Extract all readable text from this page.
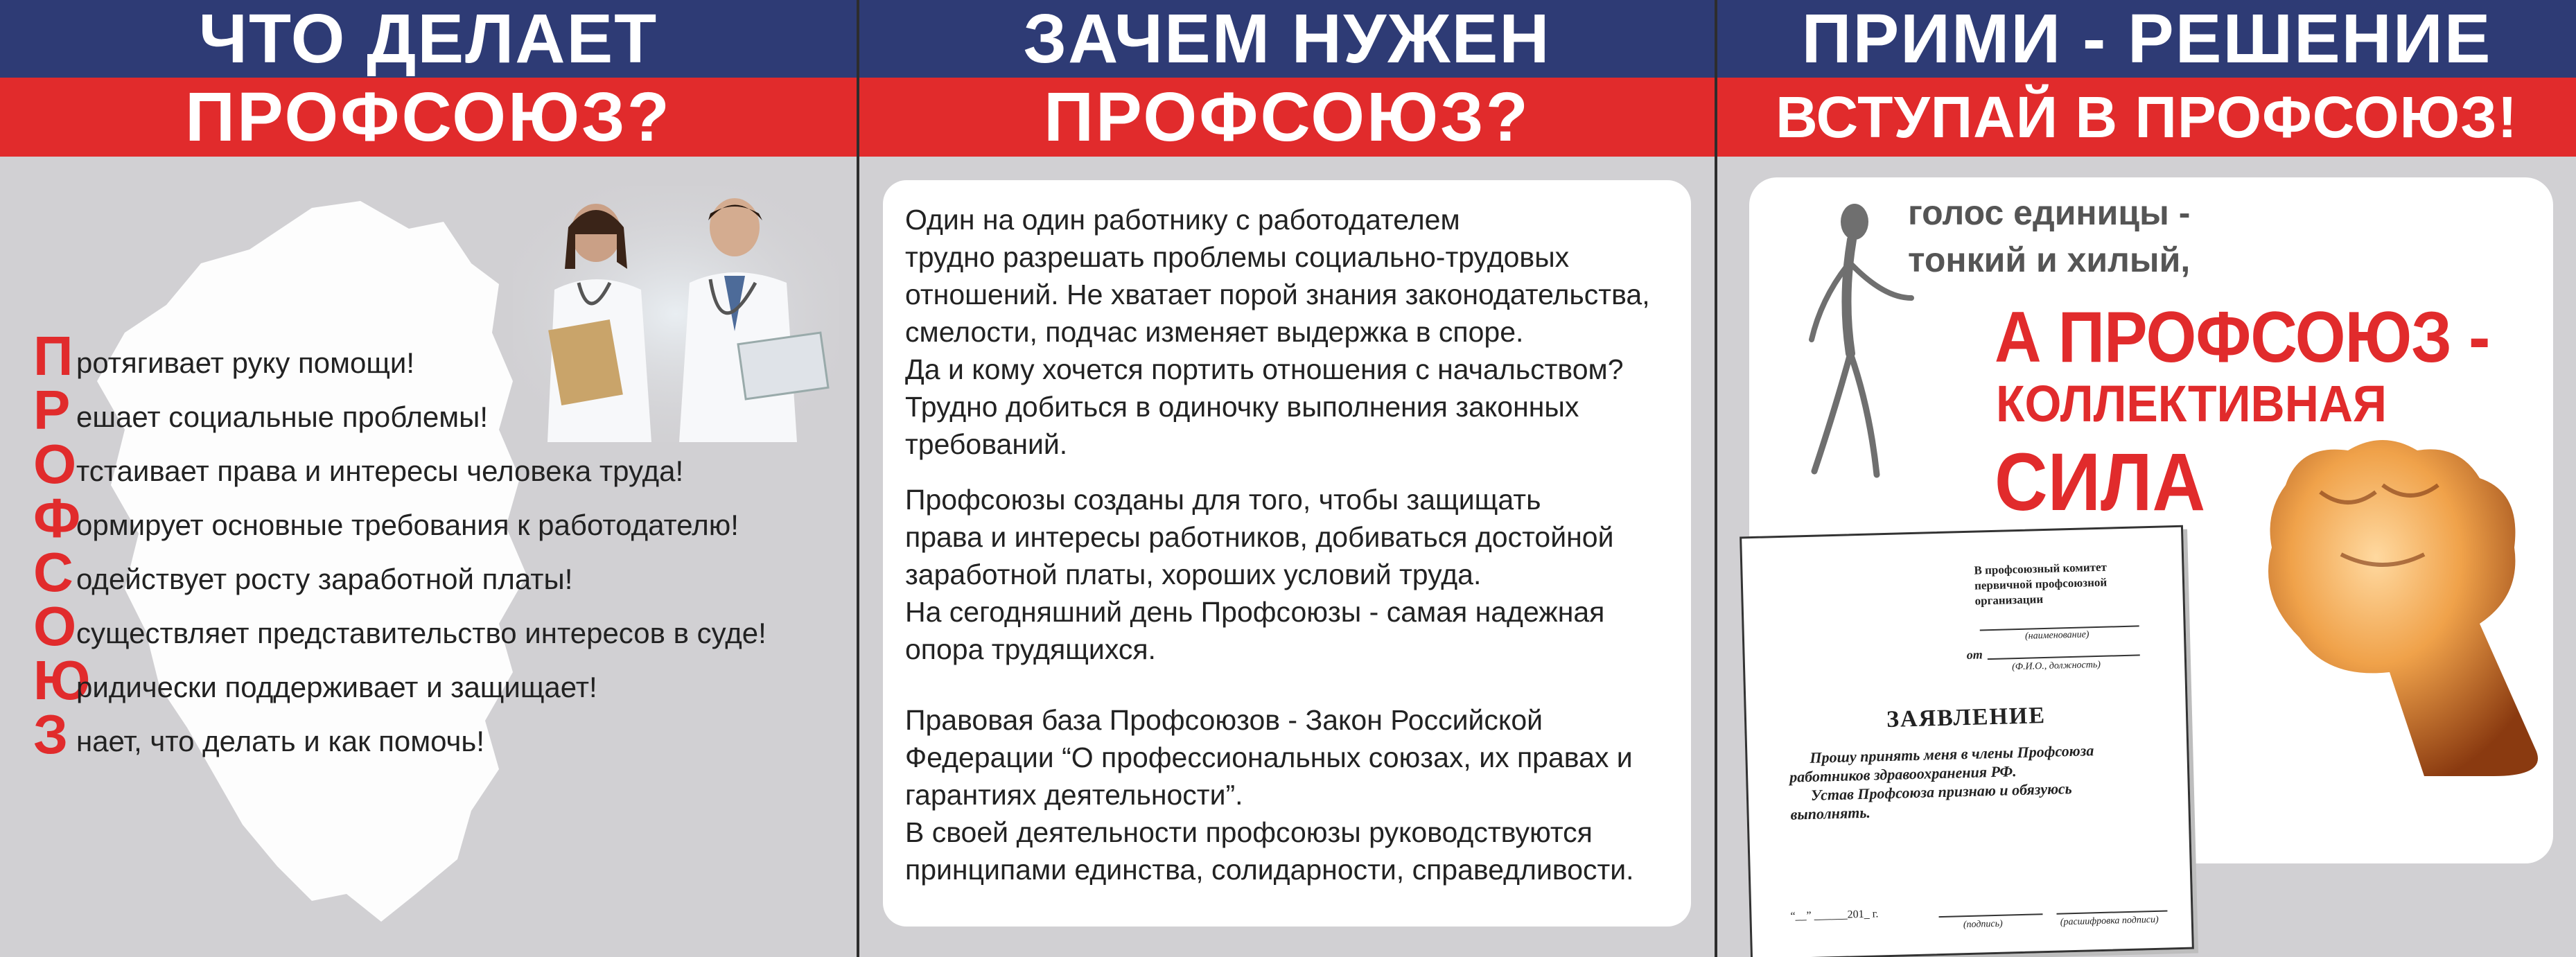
ЧТО ДЕЛАЕТ
ПРОФСОЮЗ?
П ротягивает руку помощи!
Р ешает социальные проблемы!
О тстаивает права и интересы человека труда!
Ф
ормирует основные требования к работодателю!
С одействует росту заработной платы!
О существляет представительство интересов в суде!
Ю
ридически поддерживает и защищает!
З нает, что делать и как помочь!
ЗАЧЕМ НУЖЕН
ПРОФСОЮЗ?
Один на один работнику с работодателем
трудно разрешать проблемы социально-трудовых
отношений. Не хватает порой знания законодательства,
смелости, подчас изменяет выдержка в споре.
Да и кому хочется портить отношения с начальством?
Трудно добиться в одиночку выполнения законных
требований.
Профсоюзы созданы для того, чтобы защищать
права и интересы работников, добиваться достойной
заработной платы, хороших условий труда.
На сегодняшний день Профсоюзы - самая надежная
опора трудящихся.
Правовая база Профсоюзов - Закон Российской
Федерации “О профессиональных союзах, их правах и
гарантиях деятельности”.
В своей деятельности профсоюзы руководствуются
принципами единства, солидарности, справедливости.
ПРИМИ - РЕШЕНИЕ
ВСТУПАЙ В ПРОФСОЮЗ!
голос единицы -
тонкий и хилый,
А ПРОФСОЮЗ -
КОЛЛЕКТИВНАЯ
СИЛА
В профсоюзный комитет
первичной профсоюзной
организации
(наименование)
от
(Ф.И.О., должность)
ЗАЯВЛЕНИЕ
Прошу принять меня в члены Профсоюза
работников здравоохранения РФ.
Устав Профсоюза признаю и обязуюсь
выполнять.
“__” ______201_ г.
(подпись)	(расшифровка подписи)
